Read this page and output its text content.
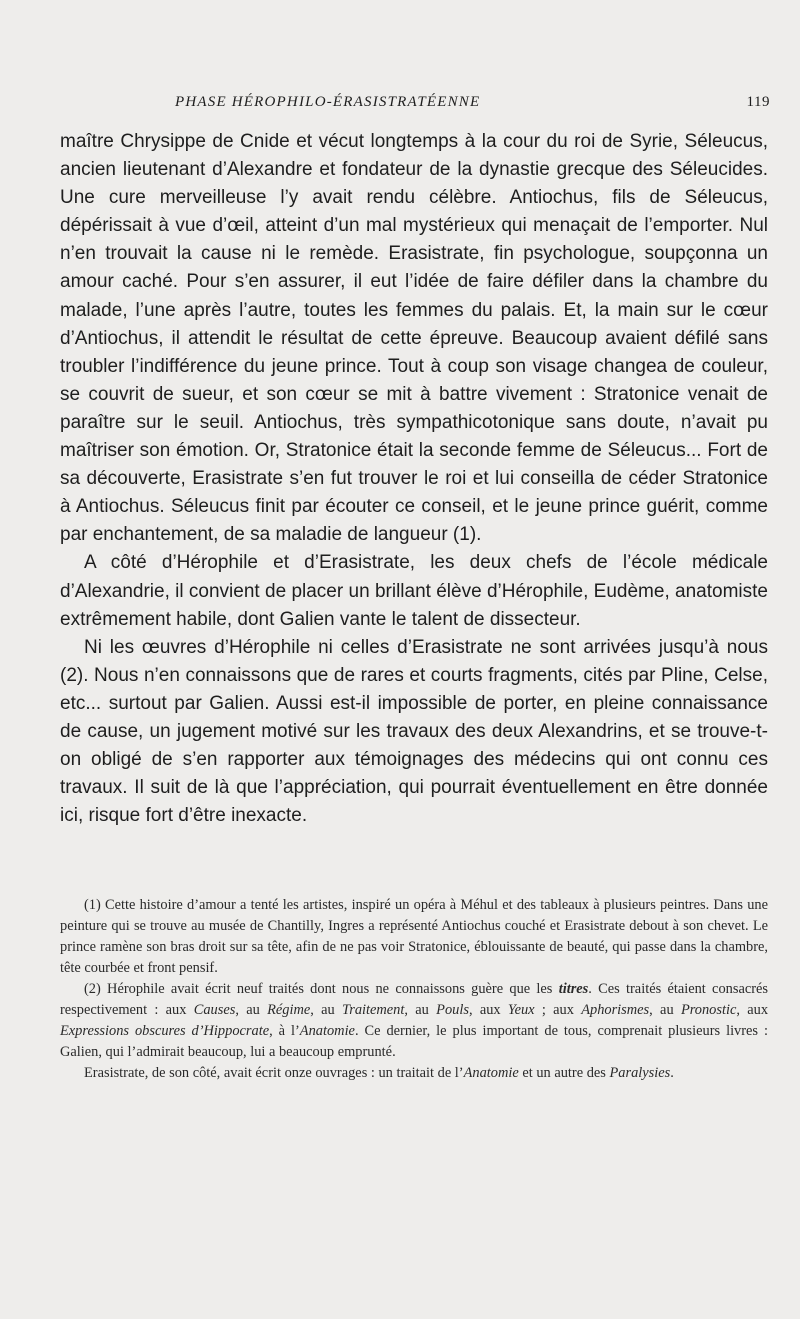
PHASE HÉROPHILO-ÉRASISTRATÉENNE	119

maître Chrysippe de Cnide et vécut longtemps à la cour du roi de Syrie, Séleucus, ancien lieutenant d’Alexandre et fondateur de la dynastie grecque des Séleucides. Une cure merveilleuse l’y avait rendu célèbre. Antiochus, fils de Séleucus, dépérissait à vue d’œil, atteint d’un mal mystérieux qui menaçait de l’emporter. Nul n’en trouvait la cause ni le remède. Erasistrate, fin psychologue, soupçonna un amour caché. Pour s’en assurer, il eut l’idée de faire défiler dans la chambre du malade, l’une après l’autre, toutes les femmes du palais. Et, la main sur le cœur d’Antiochus, il attendit le résultat de cette épreuve. Beaucoup avaient défilé sans troubler l’indifférence du jeune prince. Tout à coup son visage changea de couleur, se couvrit de sueur, et son cœur se mit à battre vivement : Stratonice venait de paraître sur le seuil. Antiochus, très sympathicotonique sans doute, n’avait pu maîtriser son émotion. Or, Stratonice était la seconde femme de Séleucus... Fort de sa découverte, Erasistrate s’en fut trouver le roi et lui conseilla de céder Stratonice à Antiochus. Séleucus finit par écouter ce conseil, et le jeune prince guérit, comme par enchantement, de sa maladie de langueur (1).

A côté d’Hérophile et d’Erasistrate, les deux chefs de l’école médicale d’Alexandrie, il convient de placer un brillant élève d’Hérophile, Eudème, anatomiste extrêmement habile, dont Galien vante le talent de dissecteur.

Ni les œuvres d’Hérophile ni celles d’Erasistrate ne sont arrivées jusqu’à nous (2). Nous n’en connaissons que de rares et courts fragments, cités par Pline, Celse, etc... surtout par Galien. Aussi est-il impossible de porter, en pleine connaissance de cause, un jugement motivé sur les travaux des deux Alexandrins, et se trouve-t-on obligé de s’en rapporter aux témoignages des médecins qui ont connu ces travaux. Il suit de là que l’appréciation, qui pourrait éventuellement en être donnée ici, risque fort d’être inexacte.

(1) Cette histoire d’amour a tenté les artistes, inspiré un opéra à Méhul et des tableaux à plusieurs peintres. Dans une peinture qui se trouve au musée de Chantilly, Ingres a représenté Antiochus couché et Erasistrate debout à son chevet. Le prince ramène son bras droit sur sa tête, afin de ne pas voir Stratonice, éblouissante de beauté, qui passe dans la chambre, tête courbée et front pensif.

(2) Hérophile avait écrit neuf traités dont nous ne connaissons guère que les titres. Ces traités étaient consacrés respectivement : aux Causes, au Régime, au Traitement, au Pouls, aux Yeux ; aux Aphorismes, au Pronostic, aux Expressions obscures d’Hippocrate, à l’Anatomie. Ce dernier, le plus important de tous, comprenait plusieurs livres : Galien, qui l’admirait beaucoup, lui a beaucoup emprunté.

Erasistrate, de son côté, avait écrit onze ouvrages : un traitait de l’Anatomie et un autre des Paralysies.
